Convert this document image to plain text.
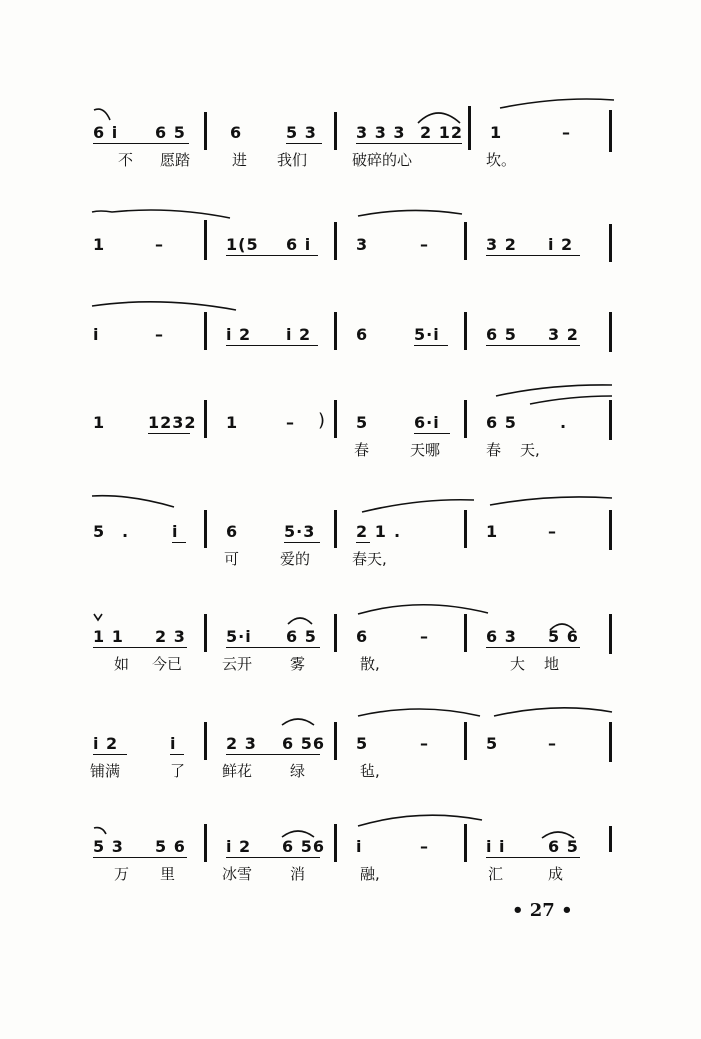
6 i 6 5	6	5 3 3 3 3 2 12 1	–
不 愿踏	进 我们	破碎的心	坎。
1	–	1(5 6 i	3	–	3 2 i 2
i	–	i 2 i 2	6	5·i	6 5 3 2
1	1232 1	– ) 5	6·i	6 5	.
春	天哪	春 天,
5 .	i	6	5·3	2 1 .	1	–
可	爱的	春天,
1 1 2 3	5·i 6 5 6	–	6 3 5 6
如 今已	云开	雾	散,	大 地
i 2	i	2 3 6 56 5	–	5	–
铺满	了 鲜花	绿	毡,
5 3 5 6	i 2 6 56 i	–	i i	6 5
万 里	冰雪	消	融,	汇	成
• 27 •
